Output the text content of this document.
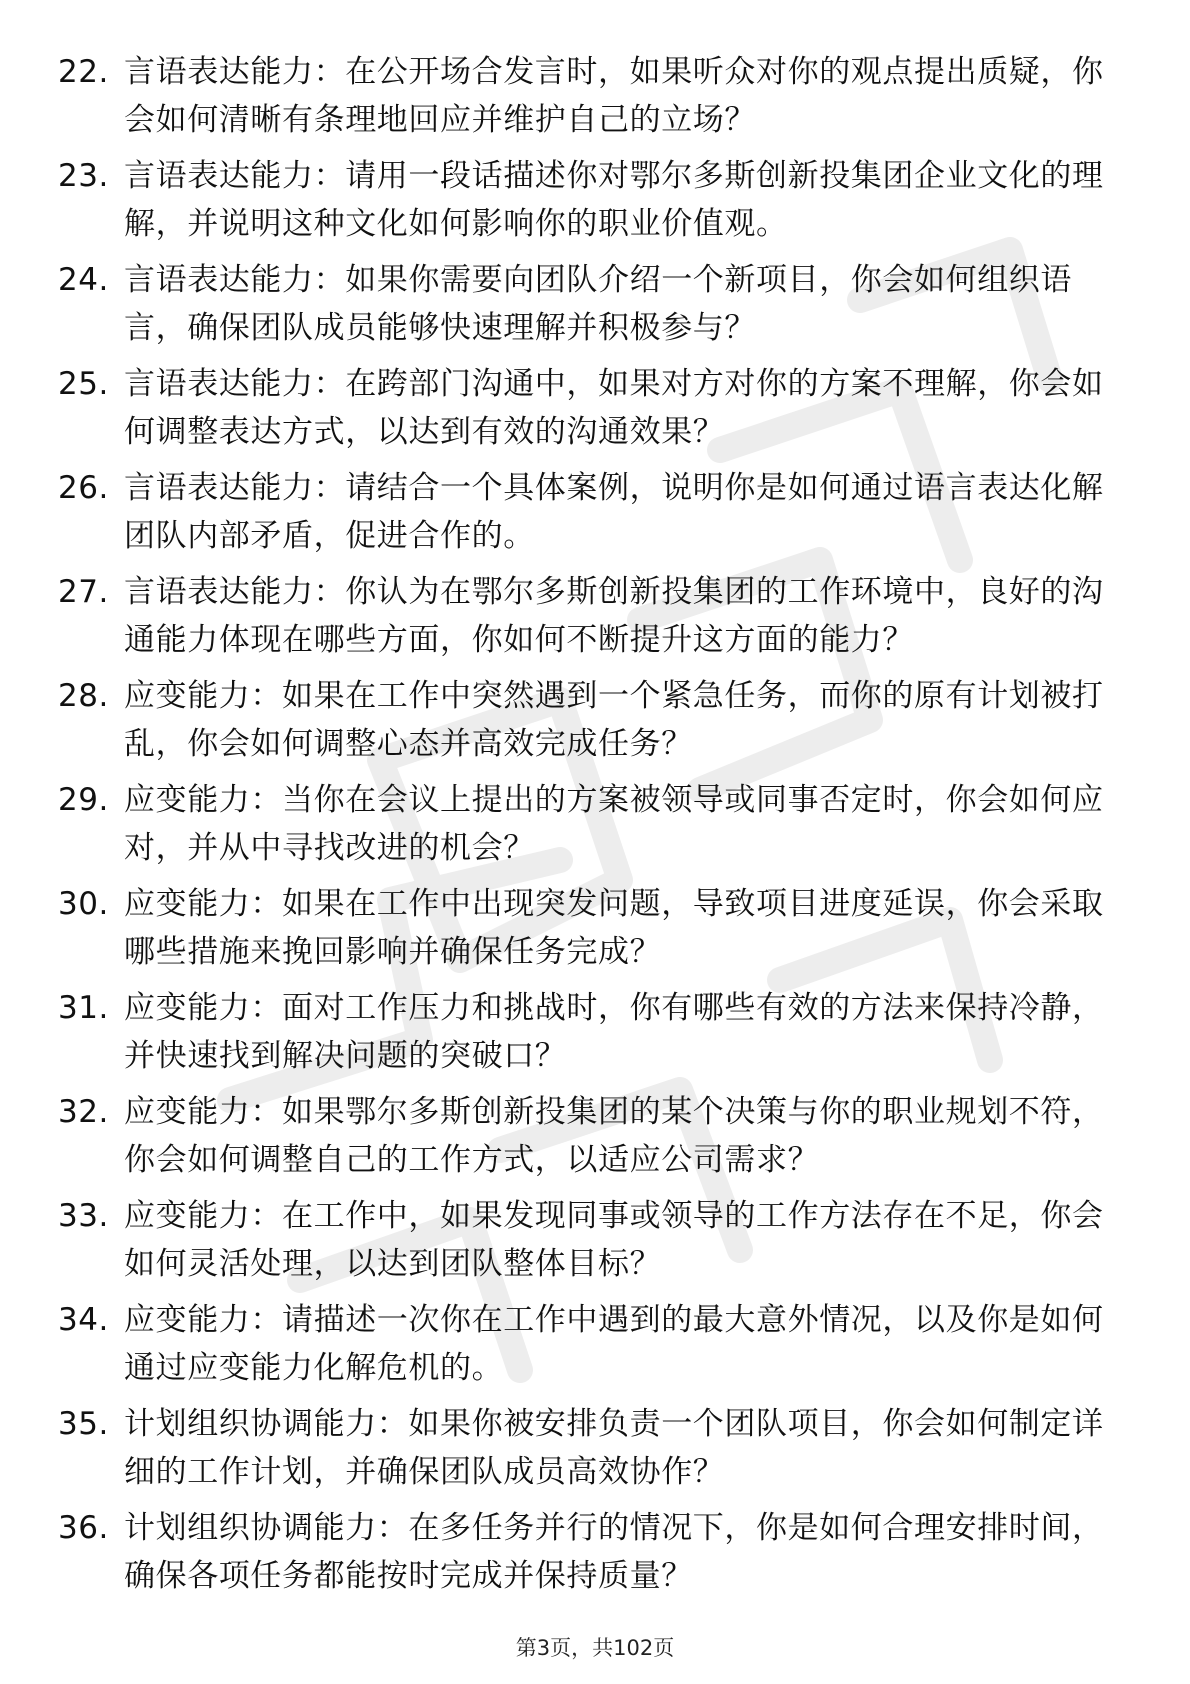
22. 言语表达能力：在公开场合发言时，如果听众对你的观点提出质疑，你会如何清晰有条理地回应并维护自己的立场？
23. 言语表达能力：请用一段话描述你对鄂尔多斯创新投集团企业文化的理解，并说明这种文化如何影响你的职业价值观。
24. 言语表达能力：如果你需要向团队介绍一个新项目，你会如何组织语言，确保团队成员能够快速理解并积极参与？
25. 言语表达能力：在跨部门沟通中，如果对方对你的方案不理解，你会如何调整表达方式，以达到有效的沟通效果？
26. 言语表达能力：请结合一个具体案例，说明你是如何通过语言表达化解团队内部矛盾，促进合作的。
27. 言语表达能力：你认为在鄂尔多斯创新投集团的工作环境中，良好的沟通能力体现在哪些方面，你如何不断提升这方面的能力？
28. 应变能力：如果在工作中突然遇到一个紧急任务，而你的原有计划被打乱，你会如何调整心态并高效完成任务？
29. 应变能力：当你在会议上提出的方案被领导或同事否定时，你会如何应对，并从中寻找改进的机会？
30. 应变能力：如果在工作中出现突发问题，导致项目进度延误，你会采取哪些措施来挽回影响并确保任务完成？
31. 应变能力：面对工作压力和挑战时，你有哪些有效的方法来保持冷静，并快速找到解决问题的突破口？
32. 应变能力：如果鄂尔多斯创新投集团的某个决策与你的职业规划不符，你会如何调整自己的工作方式，以适应公司需求？
33. 应变能力：在工作中，如果发现同事或领导的工作方法存在不足，你会如何灵活处理，以达到团队整体目标？
34. 应变能力：请描述一次你在工作中遇到的最大意外情况，以及你是如何通过应变能力化解危机的。
35. 计划组织协调能力：如果你被安排负责一个团队项目，你会如何制定详细的工作计划，并确保团队成员高效协作？
36. 计划组织协调能力：在多任务并行的情况下，你是如何合理安排时间，确保各项任务都能按时完成并保持质量？
第3页，共102页
